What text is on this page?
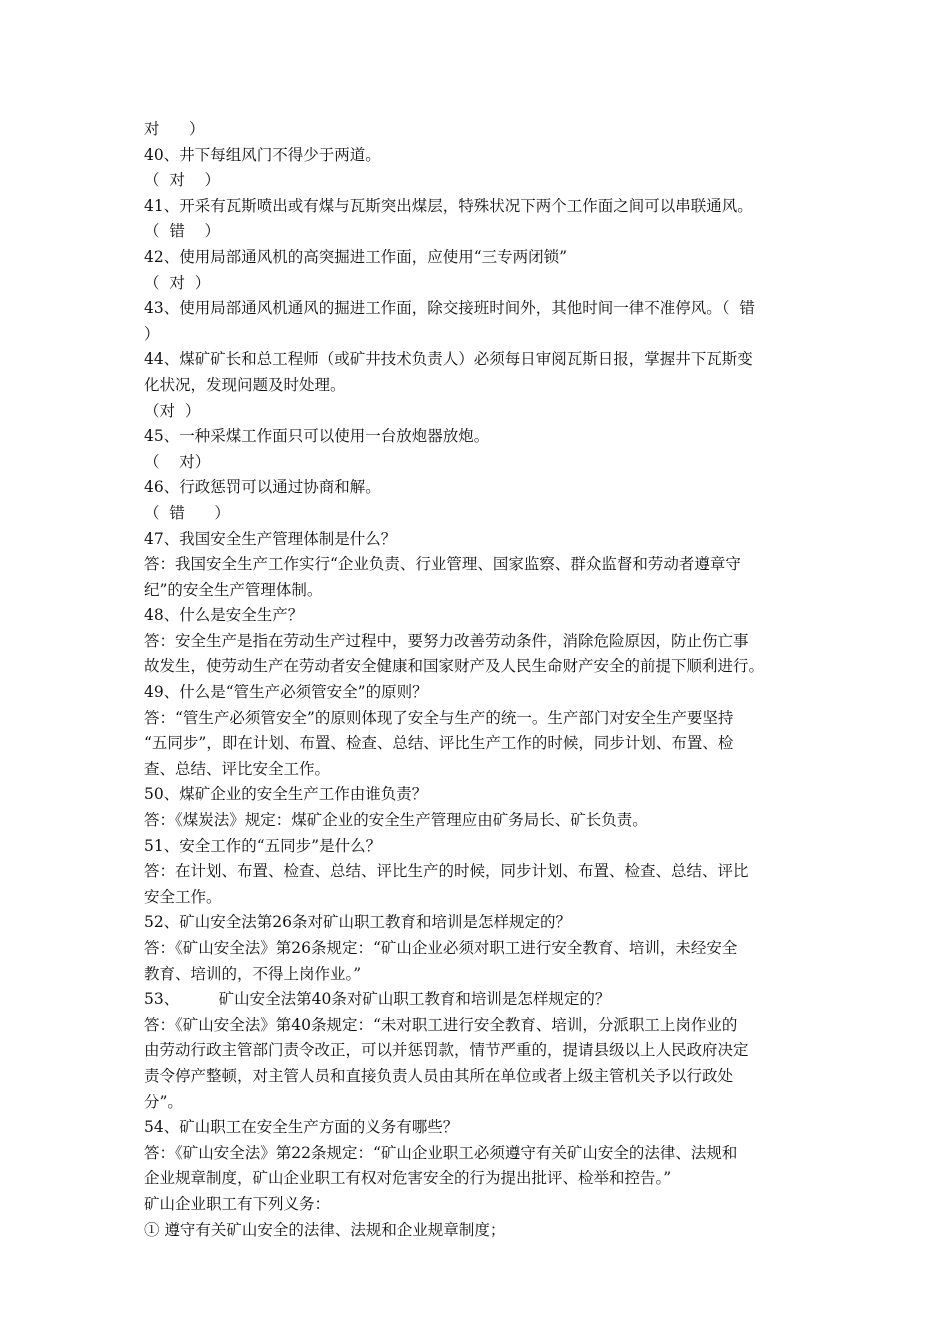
对      ）
40、井下每组风门不得少于两道。
（  对    ）
41、开采有瓦斯喷出或有煤与瓦斯突出煤层，特殊状况下两个工作面之间可以串联通风。
（  错    ）
42、使用局部通风机的高突掘进工作面，应使用“三专两闭锁”
（  对  ）
43、使用局部通风机通风的掘进工作面，除交接班时间外，其他时间一律不准停风。（  错
）
44、煤矿矿长和总工程师（或矿井技术负责人）必须每日审阅瓦斯日报，掌握井下瓦斯变
化状况，发现问题及时处理。
（对  ）
45、一种采煤工作面只可以使用一台放炮器放炮。
（    对）
46、行政惩罚可以通过协商和解。
（  错      ）
47、我国安全生产管理体制是什么？
答：我国安全生产工作实行“企业负责、行业管理、国家监察、群众监督和劳动者遵章守
纪”的安全生产管理体制。
48、什么是安全生产？
答：安全生产是指在劳动生产过程中，要努力改善劳动条件，消除危险原因，防止伤亡事
故发生，使劳动生产在劳动者安全健康和国家财产及人民生命财产安全的前提下顺利进行。
49、什么是“管生产必须管安全”的原则？
答：“管生产必须管安全”的原则体现了安全与生产的统一。生产部门对安全生产要坚持
“五同步”，即在计划、布置、检查、总结、评比生产工作的时候，同步计划、布置、检
查、总结、评比安全工作。
50、煤矿企业的安全生产工作由谁负责？
答：《煤炭法》规定：煤矿企业的安全生产管理应由矿务局长、矿长负责。
51、安全工作的“五同步”是什么？
答：在计划、布置、检查、总结、评比生产的时候，同步计划、布置、检查、总结、评比
安全工作。
52、矿山安全法第26条对矿山职工教育和培训是怎样规定的？
答：《矿山安全法》第26条规定：“矿山企业必须对职工进行安全教育、培训，未经安全
教育、培训的，不得上岗作业。”
53、        矿山安全法第40条对矿山职工教育和培训是怎样规定的？
答：《矿山安全法》第40条规定：“未对职工进行安全教育、培训，分派职工上岗作业的
由劳动行政主管部门责令改正，可以并惩罚款，情节严重的，提请县级以上人民政府决定
责令停产整顿，对主管人员和直接负责人员由其所在单位或者上级主管机关予以行政处
分”。
54、矿山职工在安全生产方面的义务有哪些？
答：《矿山安全法》第22条规定：“矿山企业职工必须遵守有关矿山安全的法律、法规和
企业规章制度，矿山企业职工有权对危害安全的行为提出批评、检举和控告。”
矿山企业职工有下列义务：
① 遵守有关矿山安全的法律、法规和企业规章制度；
